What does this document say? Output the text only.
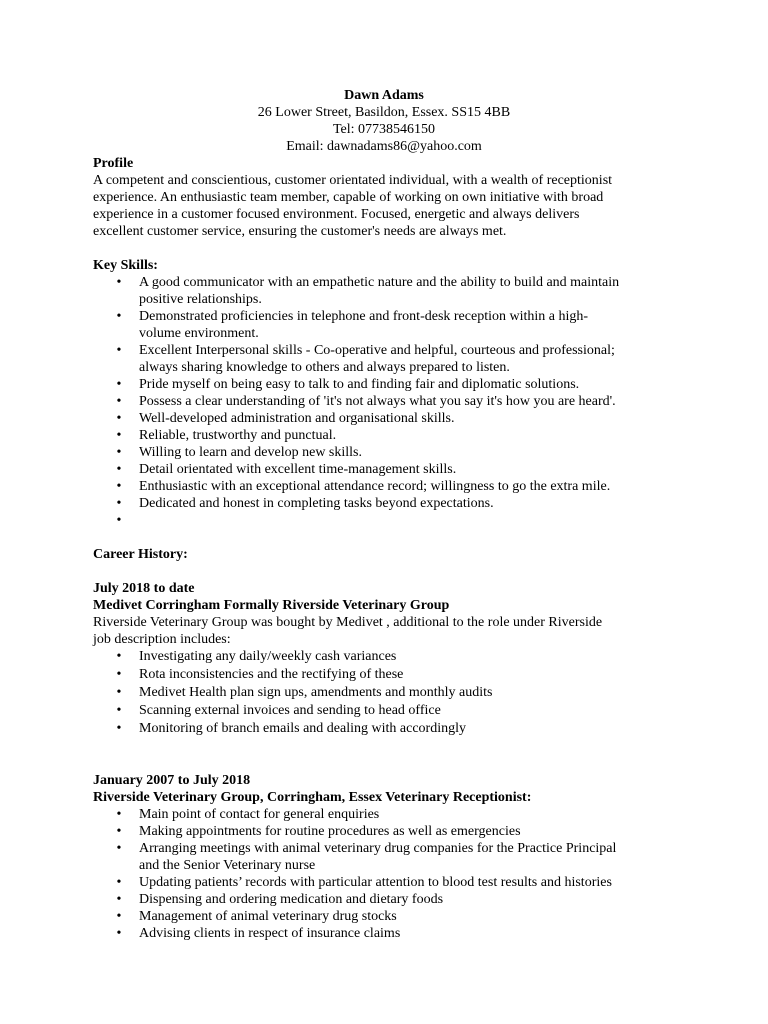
Dawn Adams
26 Lower Street, Basildon, Essex. SS15 4BB
Tel: 07738546150
Email: dawnadams86@yahoo.com
Profile

A competent and conscientious, customer orientated individual, with a wealth of receptionist

experience. An enthusiastic team member, capable of working on own initiative with broad

experience in a customer focused environment. Focused, energetic and always delivers

excellent customer service, ensuring the customer's needs are always met.

Key Skills:
• A good communicator with an empathetic nature and the ability to build and maintain
positive relationships.
• Demonstrated proficiencies in telephone and front-desk reception within a high-
volume environment.
• Excellent Interpersonal skills - Co-operative and helpful, courteous and professional;
always sharing knowledge to others and always prepared to listen.
• Pride myself on being easy to talk to and finding fair and diplomatic solutions.
• Possess a clear understanding of 'it's not always what you say it's how you are heard'.
• Well-developed administration and organisational skills.
• Reliable, trustworthy and punctual.
• Willing to learn and develop new skills.
• Detail orientated with excellent time-management skills.
• Enthusiastic with an exceptional attendance record; willingness to go the extra mile.
• Dedicated and honest in completing tasks beyond expectations.
•
Career History:
July 2018 to date
Medivet Corringham Formally Riverside Veterinary Group

Riverside Veterinary Group was bought by Medivet , additional to the role under Riverside

job description includes:

• Investigating any daily/weekly cash variances
• Rota inconsistencies and the rectifying of these
• Medivet Health plan sign ups, amendments and monthly audits
• Scanning external invoices and sending to head office
• Monitoring of branch emails and dealing with accordingly
January 2007 to July 2018
Riverside Veterinary Group, Corringham, Essex Veterinary Receptionist:
• Main point of contact for general enquiries
• Making appointments for routine procedures as well as emergencies
• Arranging meetings with animal veterinary drug companies for the Practice Principal
and the Senior Veterinary nurse
• Updating patients’ records with particular attention to blood test results and histories
• Dispensing and ordering medication and dietary foods
• Management of animal veterinary drug stocks
• Advising clients in respect of insurance claims
